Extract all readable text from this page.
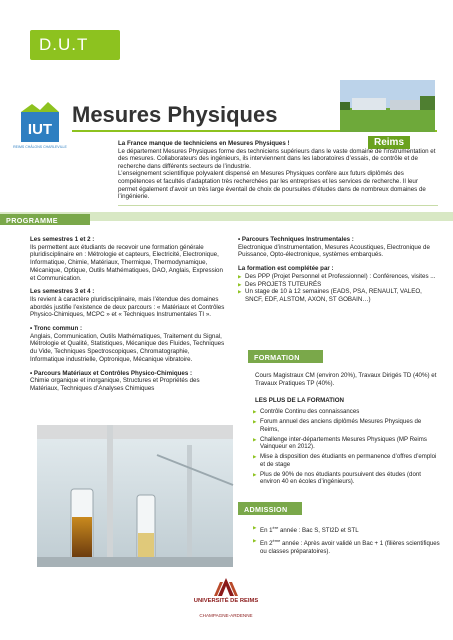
D.U.T
IUT
REIMS CHÂLONS CHARLEVILLE
Mesures Physiques
Reims
La France manque de techniciens en Mesures Physiques !
Le département Mesures Physiques forme des techniciens supérieurs dans le vaste domaine de l’instrumentation et des mesures. Collaborateurs des ingénieurs, ils interviennent dans les laboratoires d’essais, de contrôle et de recherche dans différents secteurs de l’industrie.
L’enseignement scientifique polyvalent dispensé en Mesures Physiques confère aux futurs diplômés des compétences et facultés d’adaptation très recherchées par les entreprises et les services de recherche. Il leur permet également d’avoir un très large éventail de choix de poursuites d’études dans de nombreux domaines de l’ingénierie.
PROGRAMME
Les semestres 1 et 2 :
Ils permettent aux étudiants de recevoir une formation générale pluridisciplinaire en : Métrologie et capteurs, Electricité, Electronique, Informatique, Chimie, Matériaux, Thermique, Thermodynamique, Mécanique, Optique, Outils Mathématiques, DAO, Anglais, Expression et Communication.
Les semestres 3 et 4 :
Ils revient à caractère pluridisciplinaire, mais l’étendue des domaines abordés justifie l’existence de deux parcours : « Matériaux et Contrôles Physico-Chimiques, MCPC » et « Techniques Instrumentales TI ».
• Tronc commun :
Anglais, Communication, Outils Mathématiques, Traitement du Signal, Métrologie et Qualité, Statistiques, Mécanique des Fluides, Techniques du Vide, Techniques Spectroscopiques, Chromatographie, Informatique industrielle, Optronique, Mécanique vibratoire.
• Parcours Matériaux et Contrôles Physico-Chimiques :
Chimie organique et inorganique, Structures et Propriétés des Matériaux, Techniques d’Analyses Chimiques
• Parcours Techniques Instrumentales :
Electronique d’instrumentation, Mesures Acoustiques, Electronique de Puissance, Opto-électronique, systèmes embarqués.
La formation est complétée par :
▶ Des PPP (Projet Personnel et Professionnel) : Conférences, visites ...
▶ Des PROJETS TUTEURÉS
▶ Un stage de 10 à 12 semaines (EADS, PSA, RENAULT, VALEO, SNCF, EDF, ALSTOM, AXON, ST GOBAIN…)
FORMATION
Cours Magistraux CM (environ 20%), Travaux Dirigés TD (40%) et Travaux Pratiques TP (40%).
LES PLUS DE LA FORMATION
▶ Contrôle Continu des connaissances
▶ Forum annuel des anciens diplômés Mesures Physiques de Reims,
▶ Challenge inter-départements Mesures Physiques (MP Reims Vainqueur en 2012).
▶ Mise à disposition des étudiants en permanence d’offres d’emploi et de stage
▶ Plus de 90% de nos étudiants poursuivent des études (dont environ 40 en écoles d’ingénieurs).
ADMISSION
▶ En 1ère année : Bac S, STI2D et STL
▶ En 2ème année : Après avoir validé un Bac + 1 (filières scientifiques ou classes préparatoires).
UNIVERSITÉ DE REIMS
CHAMPAGNE-ARDENNE
